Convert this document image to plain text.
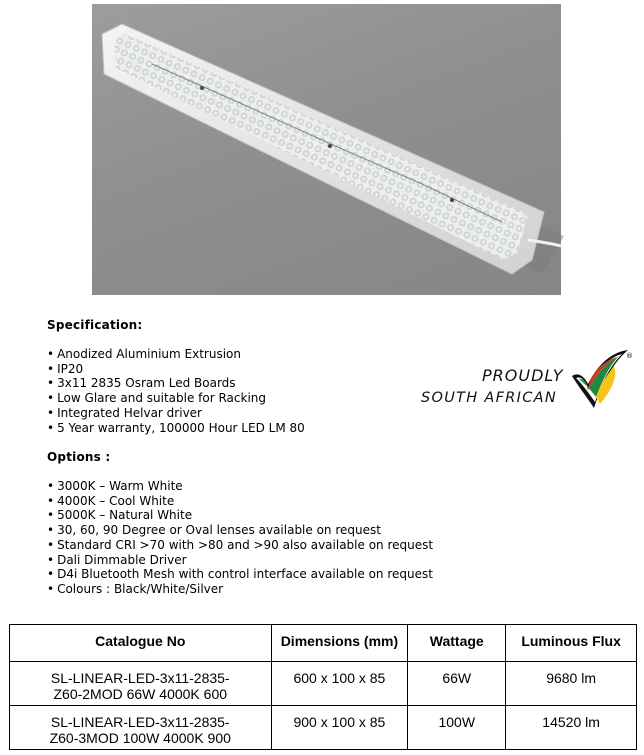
Specification:
• Anodized Aluminium Extrusion
• IP20
• 3x11 2835 Osram Led Boards
• Low Glare and suitable for Racking
• Integrated Helvar driver
• 5 Year warranty, 100000 Hour LED LM 80
PROUDLY
SOUTH AFRICAN
®
Options :
• 3000K – Warm White
• 4000K – Cool White
• 5000K – Natural White
• 30, 60, 90 Degree or Oval lenses available on request
• Standard CRI >70 with >80 and >90 also available on request
• Dali Dimmable Driver
• D4i Bluetooth Mesh with control interface available on request
• Colours : Black/White/Silver
Catalogue No	Dimensions (mm)	Wattage	Luminous Flux
SL-LINEAR-LED-3x11-2835-Z60-2MOD 66W 4000K 600	600 x 100 x 85	66W	9680 lm
SL-LINEAR-LED-3x11-2835-Z60-3MOD 100W 4000K 900	900 x 100 x 85	100W	14520 lm
